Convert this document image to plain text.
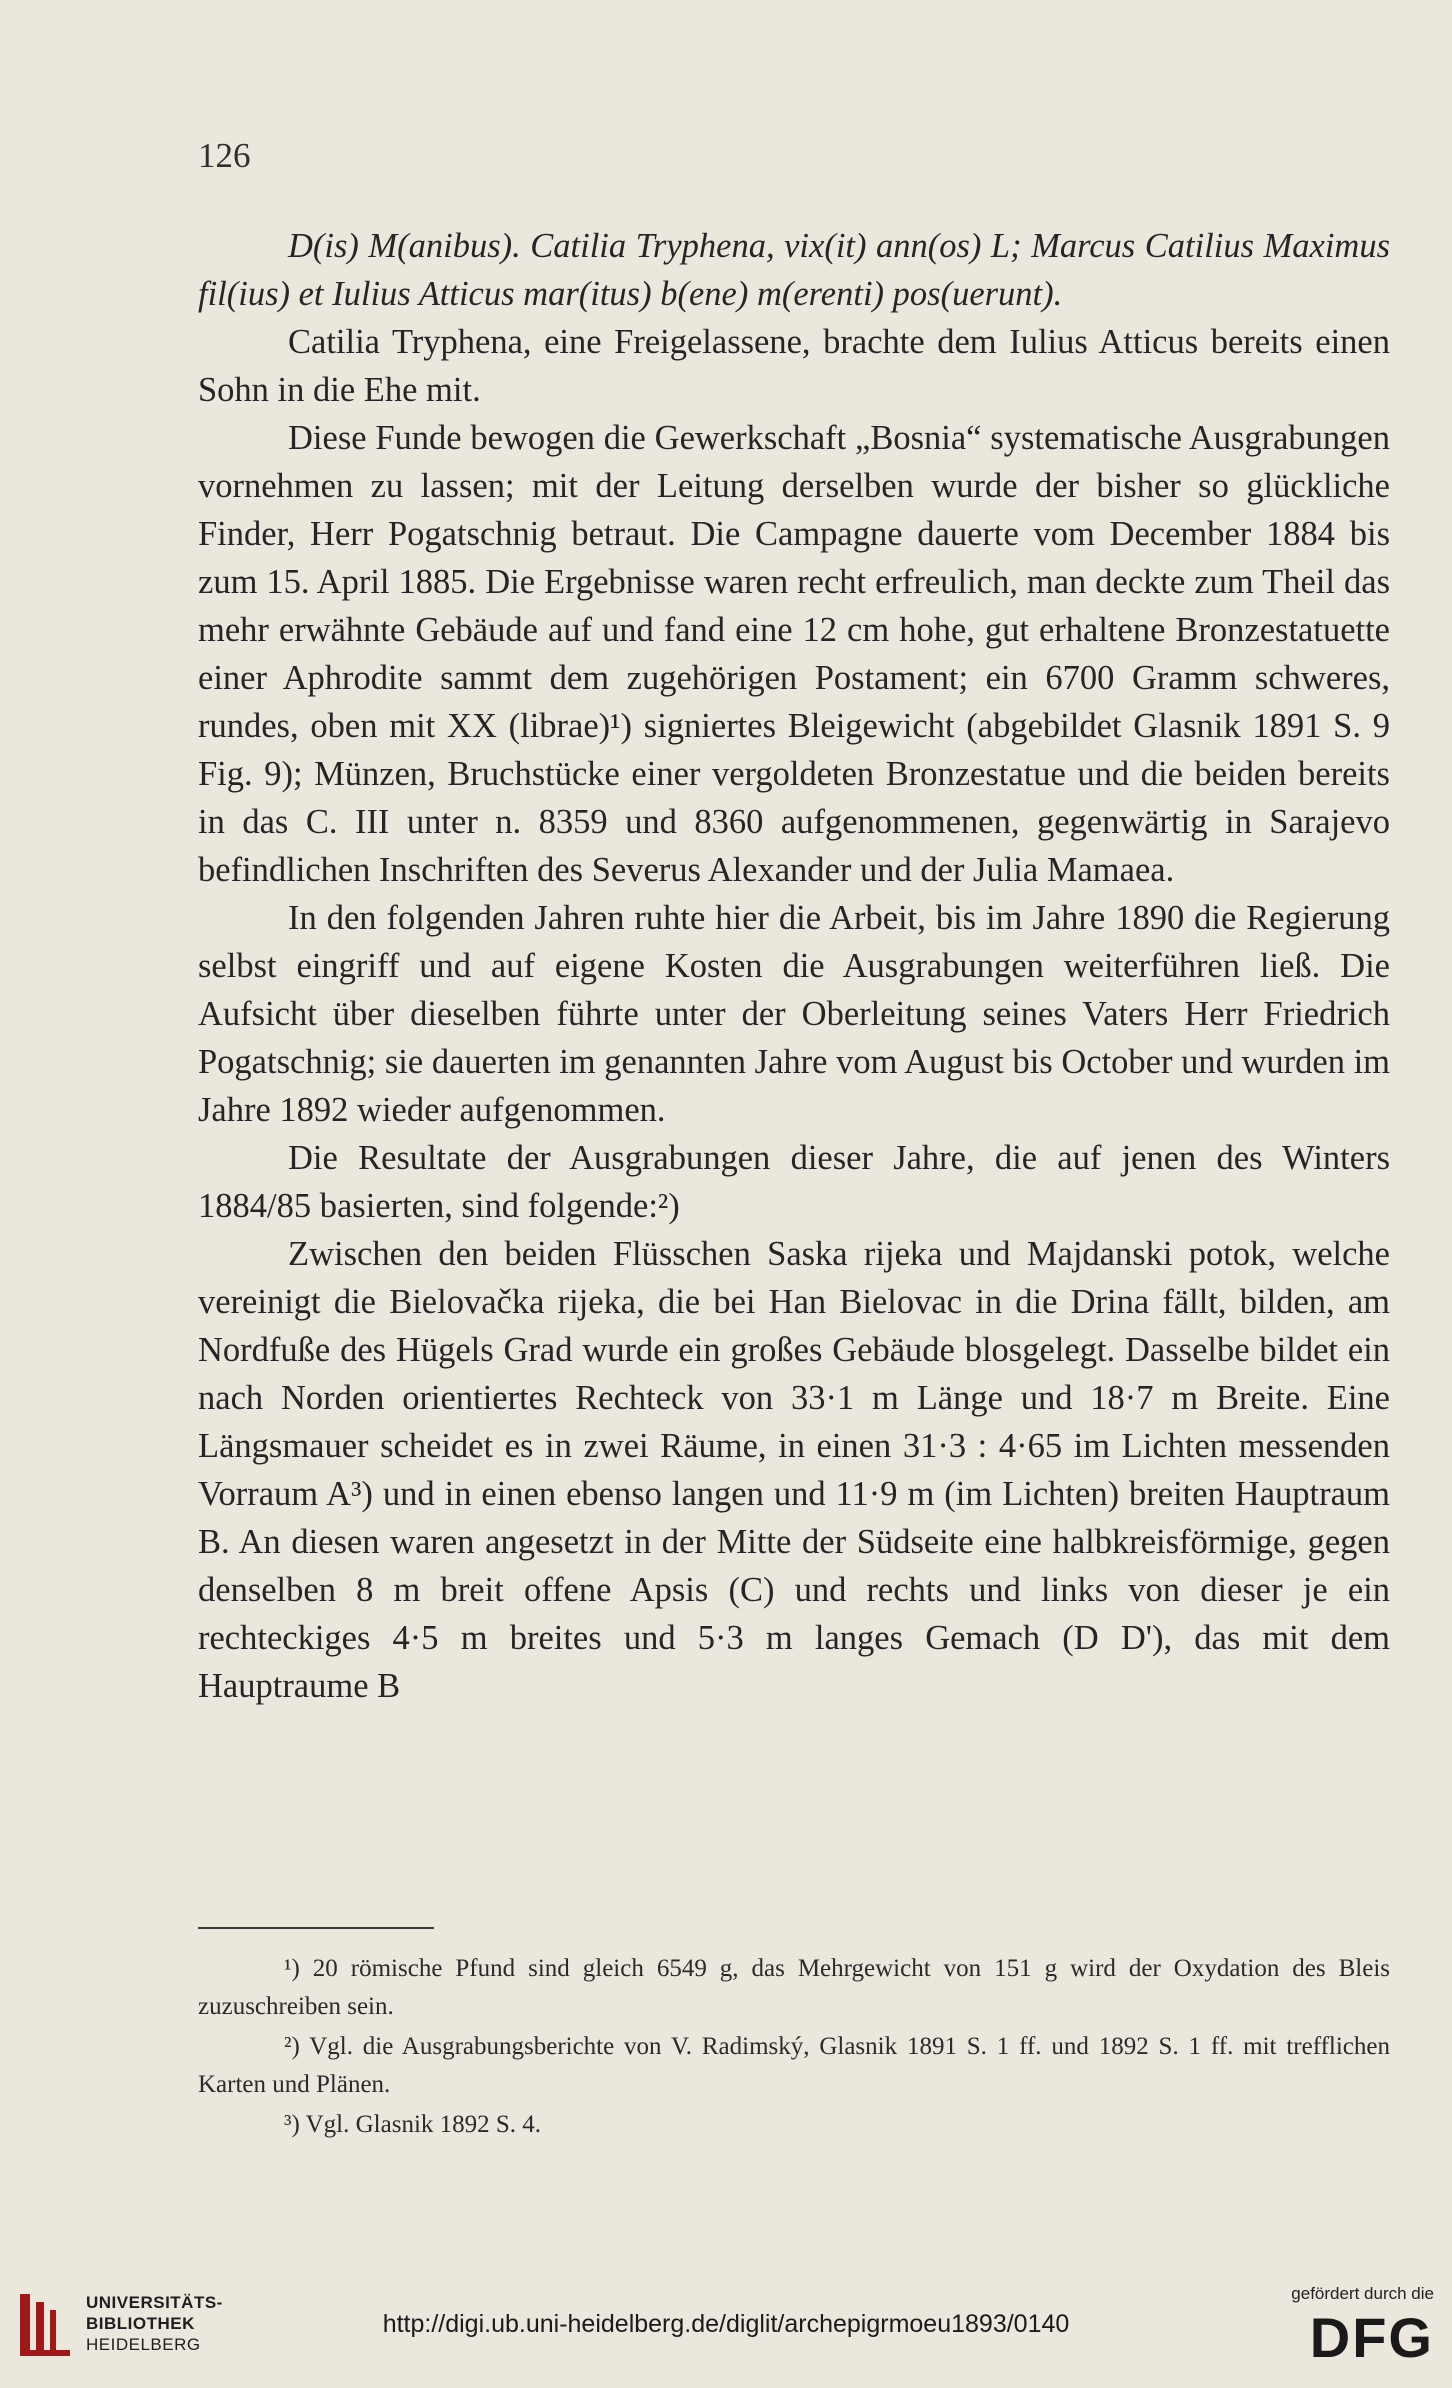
126

D(is) M(anibus). Catilia Tryphena, vix(it) ann(os) L; Marcus Catilius Maximus fil(ius) et Iulius Atticus mar(itus) b(ene) m(erenti) pos(uerunt).

Catilia Tryphena, eine Freigelassene, brachte dem Iulius Atticus bereits einen Sohn in die Ehe mit.

Diese Funde bewogen die Gewerkschaft „Bosnia“ systematische Ausgrabungen vornehmen zu lassen; mit der Leitung derselben wurde der bisher so glückliche Finder, Herr Pogatschnig betraut. Die Campagne dauerte vom December 1884 bis zum 15. April 1885. Die Ergebnisse waren recht erfreulich, man deckte zum Theil das mehr erwähnte Gebäude auf und fand eine 12 cm hohe, gut erhaltene Bronzestatuette einer Aphrodite sammt dem zugehörigen Postament; ein 6700 Gramm schweres, rundes, oben mit XX (librae)¹) signiertes Bleigewicht (abgebildet Glasnik 1891 S. 9 Fig. 9); Münzen, Bruchstücke einer vergoldeten Bronzestatue und die beiden bereits in das C. III unter n. 8359 und 8360 aufgenommenen, gegenwärtig in Sarajevo befindlichen Inschriften des Severus Alexander und der Julia Mamaea.

In den folgenden Jahren ruhte hier die Arbeit, bis im Jahre 1890 die Regierung selbst eingriff und auf eigene Kosten die Ausgrabungen weiterführen ließ. Die Aufsicht über dieselben führte unter der Oberleitung seines Vaters Herr Friedrich Pogatschnig; sie dauerten im genannten Jahre vom August bis October und wurden im Jahre 1892 wieder aufgenommen.

Die Resultate der Ausgrabungen dieser Jahre, die auf jenen des Winters 1884/85 basierten, sind folgende:²)

Zwischen den beiden Flüsschen Saska rijeka und Majdanski potok, welche vereinigt die Bielovačka rijeka, die bei Han Bielovac in die Drina fällt, bilden, am Nordfuße des Hügels Grad wurde ein großes Gebäude blosgelegt. Dasselbe bildet ein nach Norden orientiertes Rechteck von 33·1 m Länge und 18·7 m Breite. Eine Längsmauer scheidet es in zwei Räume, in einen 31·3 : 4·65 im Lichten messenden Vorraum A³) und in einen ebenso langen und 11·9 m (im Lichten) breiten Hauptraum B. An diesen waren angesetzt in der Mitte der Südseite eine halbkreisförmige, gegen denselben 8 m breit offene Apsis (C) und rechts und links von dieser je ein rechteckiges 4·5 m breites und 5·3 m langes Gemach (D D'), das mit dem Hauptraume B

¹) 20 römische Pfund sind gleich 6549 g, das Mehrgewicht von 151 g wird der Oxydation des Bleis zuzuschreiben sein.

²) Vgl. die Ausgrabungsberichte von V. Radimský, Glasnik 1891 S. 1 ff. und 1892 S. 1 ff. mit trefflichen Karten und Plänen.

³) Vgl. Glasnik 1892 S. 4.

UNIVERSITÄTS-
BIBLIOTHEK
HEIDELBERG
http://digi.ub.uni-heidelberg.de/diglit/archepigrmoeu1893/0140
gefördert durch die
DFG
